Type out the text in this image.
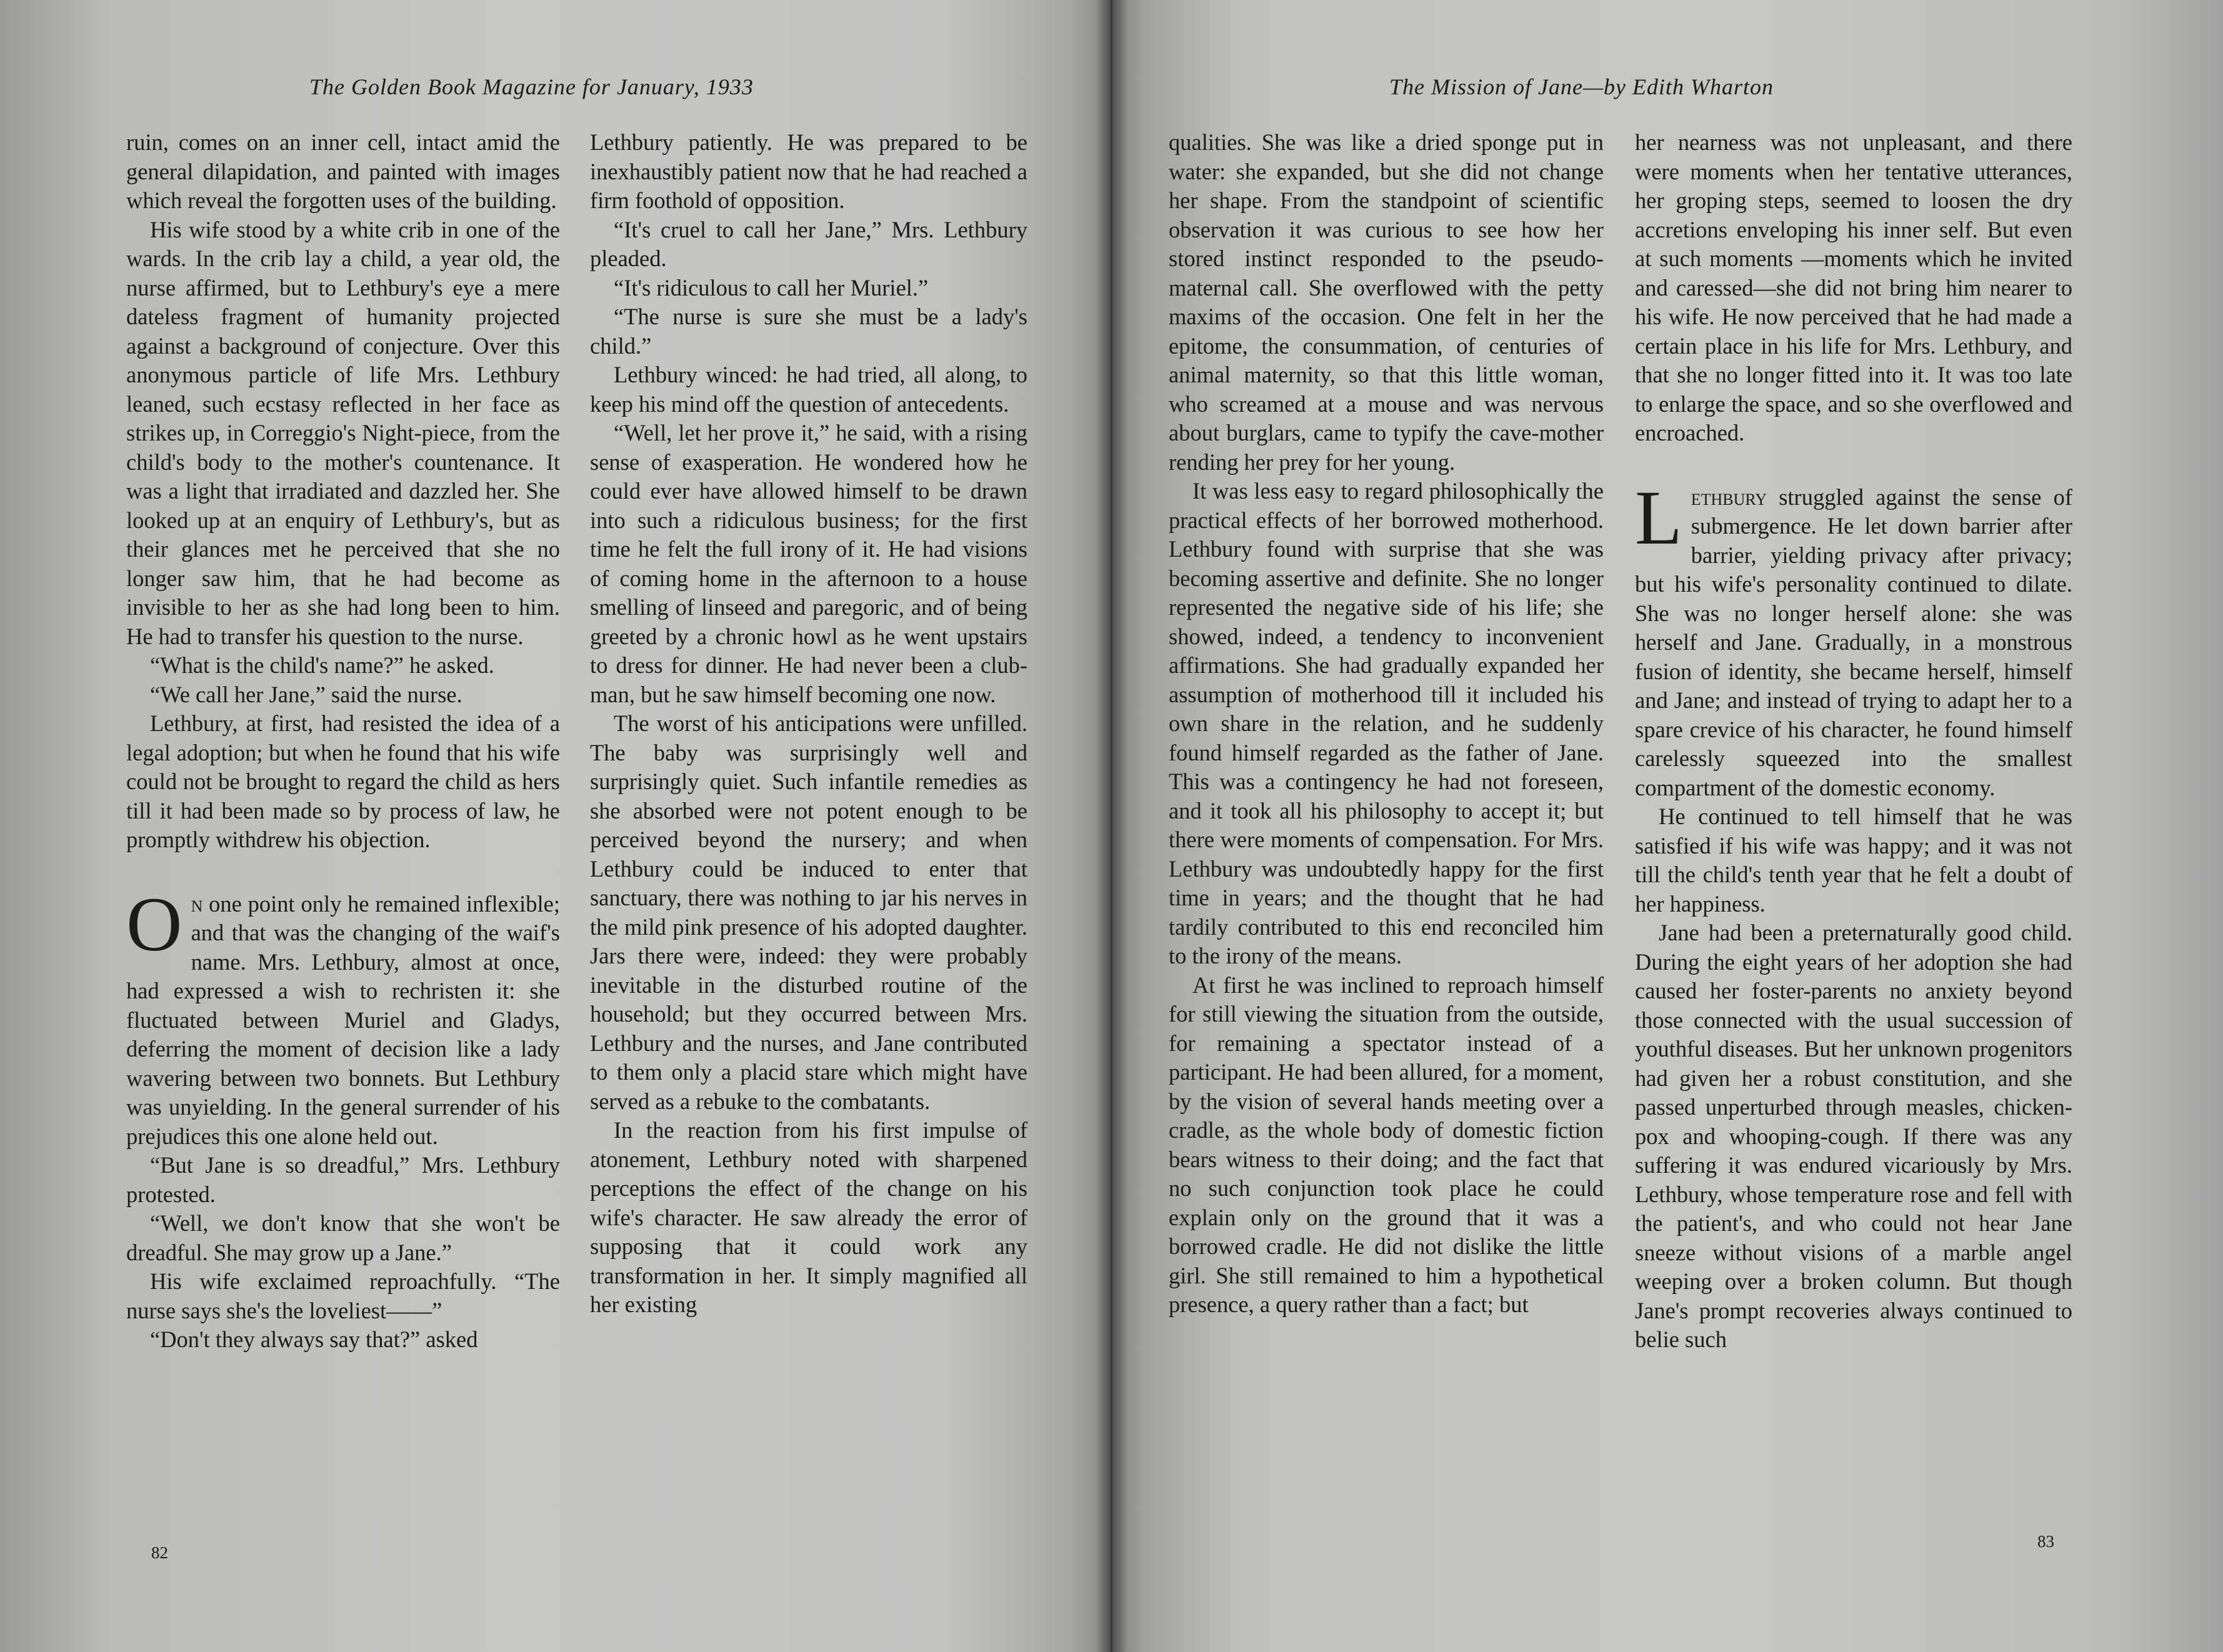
The Golden Book Magazine for January, 1933

ruin, comes on an inner cell, intact amid the general dilapidation, and painted with images which reveal the forgotten uses of the building.

His wife stood by a white crib in one of the wards. In the crib lay a child, a year old, the nurse affirmed, but to Lethbury's eye a mere dateless fragment of humanity projected against a background of conjecture. Over this anonymous particle of life Mrs. Lethbury leaned, such ecstasy reflected in her face as strikes up, in Correggio's Night-piece, from the child's body to the mother's countenance. It was a light that irradiated and dazzled her. She looked up at an enquiry of Lethbury's, but as their glances met he perceived that she no longer saw him, that he had become as invisible to her as she had long been to him. He had to transfer his question to the nurse.

“What is the child's name?” he asked.

“We call her Jane,” said the nurse.

Lethbury, at first, had resisted the idea of a legal adoption; but when he found that his wife could not be brought to regard the child as hers till it had been made so by process of law, he promptly withdrew his objection.

On one point only he remained inflexible; and that was the changing of the waif's name. Mrs. Lethbury, almost at once, had expressed a wish to rechristen it: she fluctuated between Muriel and Gladys, deferring the moment of decision like a lady wavering between two bonnets. But Lethbury was unyielding. In the general surrender of his prejudices this one alone held out.

“But Jane is so dreadful,” Mrs. Lethbury protested.

“Well, we don't know that she won't be dreadful. She may grow up a Jane.”

His wife exclaimed reproachfully. “The nurse says she's the loveliest——”

“Don't they always say that?” asked

Lethbury patiently. He was prepared to be inexhaustibly patient now that he had reached a firm foothold of opposition.

“It's cruel to call her Jane,” Mrs. Lethbury pleaded.

“It's ridiculous to call her Muriel.”

“The nurse is sure she must be a lady's child.”

Lethbury winced: he had tried, all along, to keep his mind off the question of antecedents.

“Well, let her prove it,” he said, with a rising sense of exasperation. He wondered how he could ever have allowed himself to be drawn into such a ridiculous business; for the first time he felt the full irony of it. He had visions of coming home in the afternoon to a house smelling of linseed and paregoric, and of being greeted by a chronic howl as he went upstairs to dress for dinner. He had never been a club-man, but he saw himself becoming one now.

The worst of his anticipations were unfilled. The baby was surprisingly well and surprisingly quiet. Such infantile remedies as she absorbed were not potent enough to be perceived beyond the nursery; and when Lethbury could be induced to enter that sanctuary, there was nothing to jar his nerves in the mild pink presence of his adopted daughter. Jars there were, indeed: they were probably inevitable in the disturbed routine of the household; but they occurred between Mrs. Lethbury and the nurses, and Jane contributed to them only a placid stare which might have served as a rebuke to the combatants.

In the reaction from his first impulse of atonement, Lethbury noted with sharpened perceptions the effect of the change on his wife's character. He saw already the error of supposing that it could work any transformation in her. It simply magnified all her existing

82

The Mission of Jane—by Edith Wharton

qualities. She was like a dried sponge put in water: she expanded, but she did not change her shape. From the standpoint of scientific observation it was curious to see how her stored instinct responded to the pseudo-maternal call. She overflowed with the petty maxims of the occasion. One felt in her the epitome, the consummation, of centuries of animal maternity, so that this little woman, who screamed at a mouse and was nervous about burglars, came to typify the cave-mother rending her prey for her young.

It was less easy to regard philosophically the practical effects of her borrowed motherhood. Lethbury found with surprise that she was becoming assertive and definite. She no longer represented the negative side of his life; she showed, indeed, a tendency to inconvenient affirmations. She had gradually expanded her assumption of motherhood till it included his own share in the relation, and he suddenly found himself regarded as the father of Jane. This was a contingency he had not foreseen, and it took all his philosophy to accept it; but there were moments of compensation. For Mrs. Lethbury was undoubtedly happy for the first time in years; and the thought that he had tardily contributed to this end reconciled him to the irony of the means.

At first he was inclined to reproach himself for still viewing the situation from the outside, for remaining a spectator instead of a participant. He had been allured, for a moment, by the vision of several hands meeting over a cradle, as the whole body of domestic fiction bears witness to their doing; and the fact that no such conjunction took place he could explain only on the ground that it was a borrowed cradle. He did not dislike the little girl. She still remained to him a hypothetical presence, a query rather than a fact; but

her nearness was not unpleasant, and there were moments when her tentative utterances, her groping steps, seemed to loosen the dry accretions enveloping his inner self. But even at such moments —moments which he invited and caressed—she did not bring him nearer to his wife. He now perceived that he had made a certain place in his life for Mrs. Lethbury, and that she no longer fitted into it. It was too late to enlarge the space, and so she overflowed and encroached.

Lethbury struggled against the sense of submergence. He let down barrier after barrier, yielding privacy after privacy; but his wife's personality continued to dilate. She was no longer herself alone: she was herself and Jane. Gradually, in a monstrous fusion of identity, she became herself, himself and Jane; and instead of trying to adapt her to a spare crevice of his character, he found himself carelessly squeezed into the smallest compartment of the domestic economy.

He continued to tell himself that he was satisfied if his wife was happy; and it was not till the child's tenth year that he felt a doubt of her happiness.

Jane had been a preternaturally good child. During the eight years of her adoption she had caused her foster-parents no anxiety beyond those connected with the usual succession of youthful diseases. But her unknown progenitors had given her a robust constitution, and she passed unperturbed through measles, chicken-pox and whooping-cough. If there was any suffering it was endured vicariously by Mrs. Lethbury, whose temperature rose and fell with the patient's, and who could not hear Jane sneeze without visions of a marble angel weeping over a broken column. But though Jane's prompt recoveries always continued to belie such

83
